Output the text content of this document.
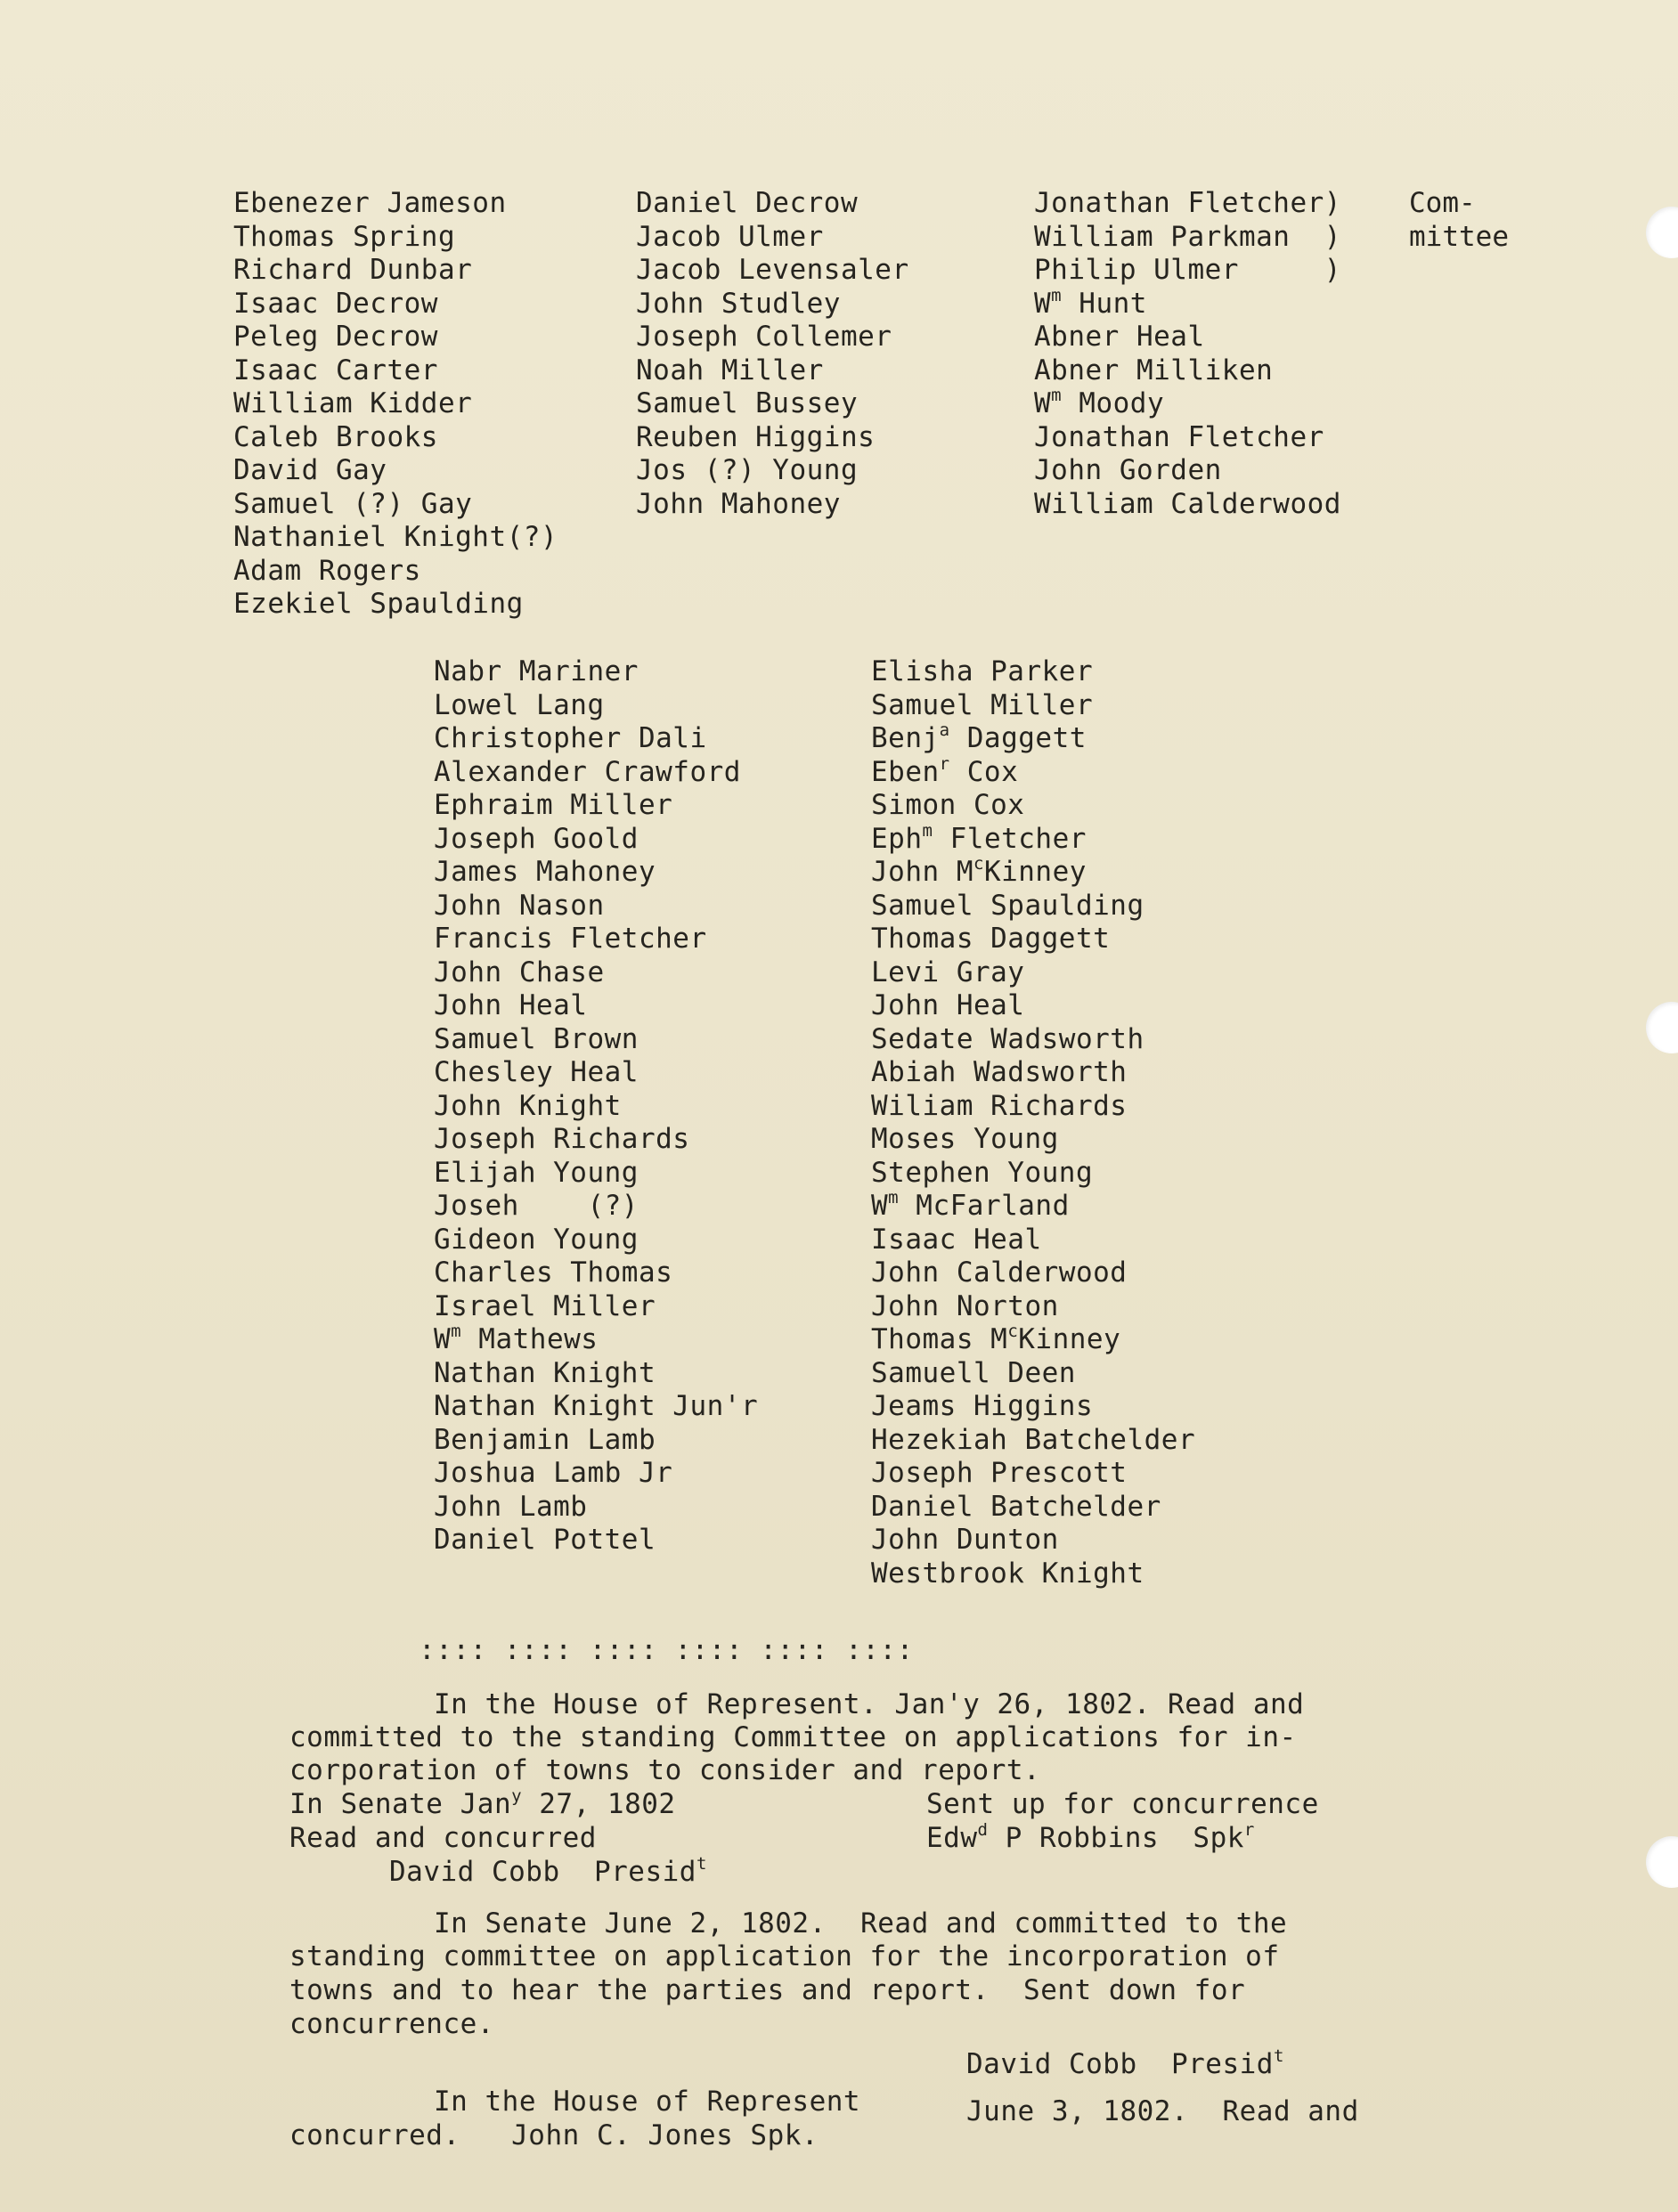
Ebenezer Jameson
Thomas Spring
Richard Dunbar
Isaac Decrow
Peleg Decrow
Isaac Carter
William Kidder
Caleb Brooks
David Gay
Samuel (?) Gay
Nathaniel Knight(?)
Adam Rogers
Ezekiel Spaulding
Daniel Decrow
Jacob Ulmer
Jacob Levensaler
John Studley
Joseph Collemer
Noah Miller
Samuel Bussey
Reuben Higgins
Jos (?) Young
John Mahoney
Jonathan Fletcher)
William Parkman  )
Philip Ulmer     )
$W^m$ Hunt
Abner Heal
Abner Milliken
$W^m$ Moody
Jonathan Fletcher
John Gorden
William Calderwood
Com-
mittee
Nabr Mariner
Lowel Lang
Christopher Dali
Alexander Crawford
Ephraim Miller
Joseph Goold
James Mahoney
John Nason
Francis Fletcher
John Chase
John Heal
Samuel Brown
Chesley Heal
John Knight
Joseph Richards
Elijah Young
Joseh    (?)
Gideon Young
Charles Thomas
Israel Miller
$W^m$ Mathews
Nathan Knight
Nathan Knight Jun'r
Benjamin Lamb
Joshua Lamb Jr
John Lamb
Daniel Pottel
Elisha Parker
Samuel Miller
Benj$^a$ Daggett
Eben$^r$ Cox
Simon Cox
Eph$^m$ Fletcher
John $M^cKinney$
Samuel Spaulding
Thomas Daggett
Levi Gray
John Heal
Sedate Wadsworth
Abiah Wadsworth
Wiliam Richards
Moses Young
Stephen Young
$W^m$ McFarland
Isaac Heal
John Calderwood
John Norton
Thomas $M^cKinney$
Samuell Deen
Jeams Higgins
Hezekiah Batchelder
Joseph Prescott
Daniel Batchelder
John Dunton
Westbrook Knight
:::: :::: :::: :::: :::: ::::
In the House of Represent. Jan'y 26, 1802. Read and
committed to the standing Committee on applications for in-
corporation of towns to consider and report.
In Senate Jan$^y$ 27, 1802
Read and concurred
David Cobb  Presid$^t$
Sent up for concurrence
Edw$^d$ P Robbins  Spk$^r$
In Senate June 2, 1802.  Read and committed to the
standing committee on application for the incorporation of
towns and to hear the parties and report.  Sent down for
concurrence.
David Cobb  Presid$^t$
In the House of Represent	June 3, 1802.  Read and
concurred.   John C. Jones Spk.
